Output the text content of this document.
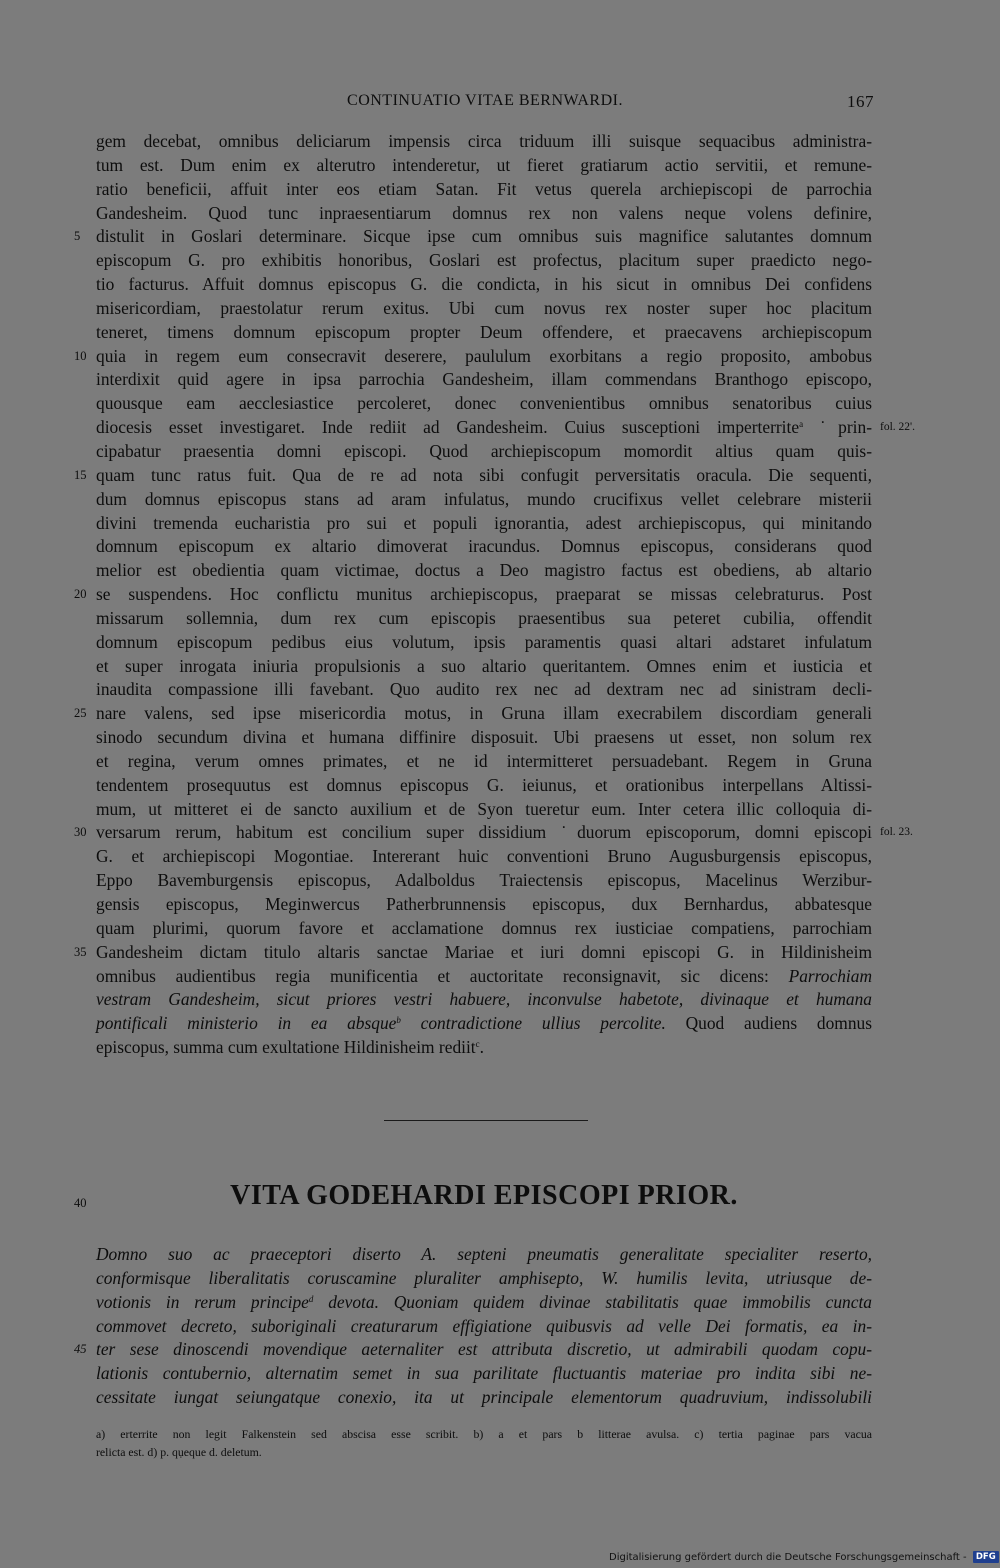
CONTINUATIO VITAE BERNWARDI.	167
gem decebat, omnibus deliciarum impensis circa triduum illi suisque sequacibus administra-
tum est. Dum enim ex alterutro intenderetur, ut fieret gratiarum actio servitii, et remune-
ratio beneficii, affuit inter eos etiam Satan. Fit vetus querela archiepiscopi de parrochia
Gandesheim. Quod tunc inpraesentiarum domnus rex non valens neque volens definire,
distulit in Goslari determinare. Sicque ipse cum omnibus suis magnifice salutantes domnum
5
episcopum G. pro exhibitis honoribus, Goslari est profectus, placitum super praedicto nego-
tio facturus. Affuit domnus episcopus G. die condicta, in his sicut in omnibus Dei confidens
misericordiam, praestolatur rerum exitus. Ubi cum novus rex noster super hoc placitum
teneret, timens domnum episcopum propter Deum offendere, et praecavens archiepiscopum
quia in regem eum consecravit deserere, paululum exorbitans a regio proposito, ambobus
10
interdixit quid agere in ipsa parrochia Gandesheim, illam commendans Branthogo episcopo,
quousque eam aecclesiastice percoleret, donec convenientibus omnibus senatoribus cuius
diocesis esset investigaret. Inde rediit ad Gandesheim. Cuius susceptioni imperterrite$^a$ ˙prin- fol. 22'.
cipabatur praesentia domni episcopi. Quod archiepiscopum momordit altius quam quis-
quam tunc ratus fuit. Qua de re ad nota sibi confugit perversitatis oracula. Die sequenti,
15
dum domnus episcopus stans ad aram infulatus, mundo crucifixus vellet celebrare misterii
divini tremenda eucharistia pro sui et populi ignorantia, adest archiepiscopus, qui minitando
domnum episcopum ex altario dimoverat iracundus. Domnus episcopus, considerans quod
melior est obedientia quam victimae, doctus a Deo magistro factus est obediens, ab altario
se suspendens. Hoc conflictu munitus archiepiscopus, praeparat se missas celebraturus. Post
20
missarum sollemnia, dum rex cum episcopis praesentibus sua peteret cubilia, offendit
domnum episcopum pedibus eius volutum, ipsis paramentis quasi altari adstaret infulatum
et super inrogata iniuria propulsionis a suo altario queritantem. Omnes enim et iusticia et
inaudita compassione illi favebant. Quo audito rex nec ad dextram nec ad sinistram decli-
nare valens, sed ipse misericordia motus, in Gruna illam execrabilem discordiam generali
25
sinodo secundum divina et humana diffinire disposuit. Ubi praesens ut esset, non solum rex
et regina, verum omnes primates, et ne id intermitteret persuadebant. Regem in Gruna
tendentem prosequutus est domnus episcopus G. ieiunus, et orationibus interpellans Altissi-
mum, ut mitteret ei de sancto auxilium et de Syon tueretur eum. Inter cetera illic colloquia di-
versarum rerum, habitum est concilium super dissidium ˙duorum episcoporum, domni episcopi
30	fol. 23.
G. et archiepiscopi Mogontiae. Intererant huic conventioni Bruno Augusburgensis episcopus,
Eppo Bavemburgensis episcopus, Adalboldus Traiectensis episcopus, Macelinus Werzibur-
gensis episcopus, Meginwercus Patherbrunnensis episcopus, dux Bernhardus, abbatesque
quam plurimi, quorum favore et acclamatione domnus rex iusticiae compatiens, parrochiam
Gandesheim dictam titulo altaris sanctae Mariae et iuri domni episcopi G. in Hildinisheim
35
omnibus audientibus regia munificentia et auctoritate reconsignavit, sic dicens: Parrochiam
vestram Gandesheim, sicut priores vestri habuere, inconvulse habetote, divinaque et humana
pontificali ministerio in ea absque$^b$ contradictione ullius percolite. Quod audiens domnus
episcopus, summa cum exultatione Hildinisheim rediit$^c$.
40	VITA GODEHARDI EPISCOPI PRIOR.
Domno suo ac praeceptori diserto A. septeni pneumatis generalitate specialiter reserto,
conformisque liberalitatis coruscamine pluraliter amphisepto, W. humilis levita, utriusque de-
votionis in rerum principe$^d$ devota. Quoniam quidem divinae stabilitatis quae immobilis cuncta
commovet decreto, suboriginali creaturarum effigiatione quibusvis ad velle Dei formatis, ea in-
ter sese dinoscendi movendique aeternaliter est attributa discretio, ut admirabili quodam copu-
45
lationis contubernio, alternatim semet in sua parilitate fluctuantis materiae pro indita sibi ne-
cessitate iungat seiungatque conexio, ita ut principale elementorum quadruvium, indissolubili
a) erterrite non legit Falkenstein sed abscisa esse scribit. b) a et pars b litterae avulsa. c) tertia paginae pars vacua
relicta est. d) p. qụeque d. deletum.
Digitalisierung gefördert durch die Deutsche Forschungsgemeinschaft - DFG
